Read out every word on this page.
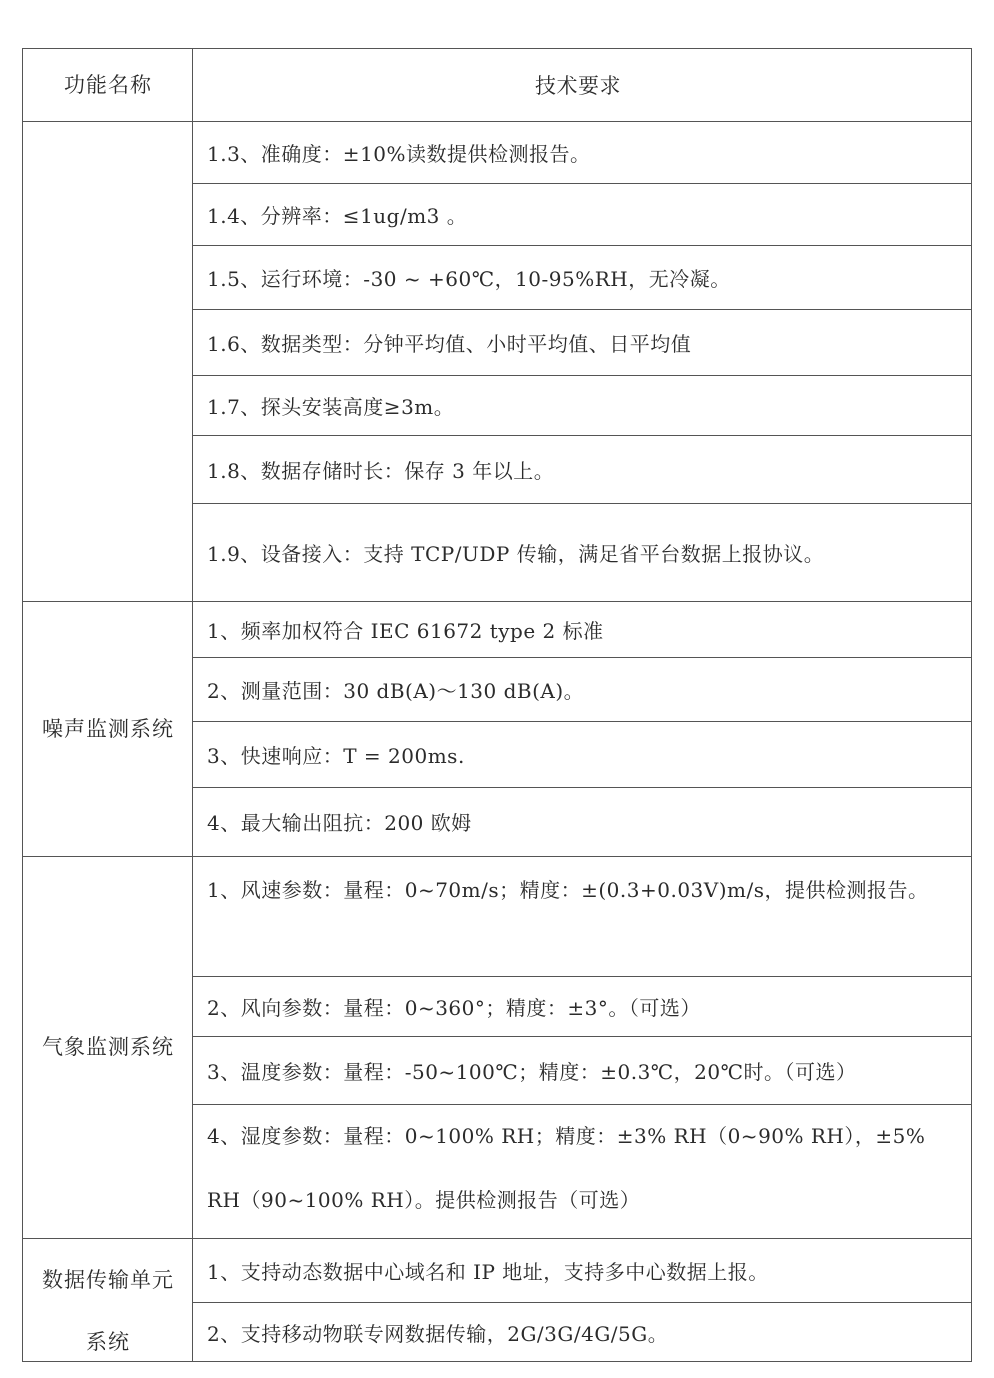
功能名称
噪声监测系统
气象监测系统
数据传输单元
系统
技术要求
1.3、准确度：±10%读数提供检测报告。
1.4、分辨率：≤1ug/m3 。
1.5、运行环境：-30 ~ +60℃，10-95%RH，无冷凝。
1.6、数据类型：分钟平均值、小时平均值、日平均值
1.7、探头安装高度≥3m。
1.8、数据存储时长：保存 3 年以上。
1.9、设备接入：支持 TCP/UDP 传输，满足省平台数据上报协议。
1、频率加权符合 IEC 61672 type 2 标准
2、测量范围：30 dB(A)～130 dB(A)。
3、快速响应：T = 200ms.
4、最大输出阻抗：200 欧姆
1、风速参数：量程：0~70m/s；精度：±(0.3+0.03V)m/s，提供检测报告。
2、风向参数：量程：0~360°；精度：±3°。（可选）
3、温度参数：量程：-50~100℃；精度：±0.3℃，20℃时。（可选）
4、湿度参数：量程：0~100% RH；精度：±3% RH（0~90% RH），±5% RH（90~100% RH）。提供检测报告（可选）
1、支持动态数据中心域名和 IP 地址，支持多中心数据上报。
2、支持移动物联专网数据传输，2G/3G/4G/5G。
